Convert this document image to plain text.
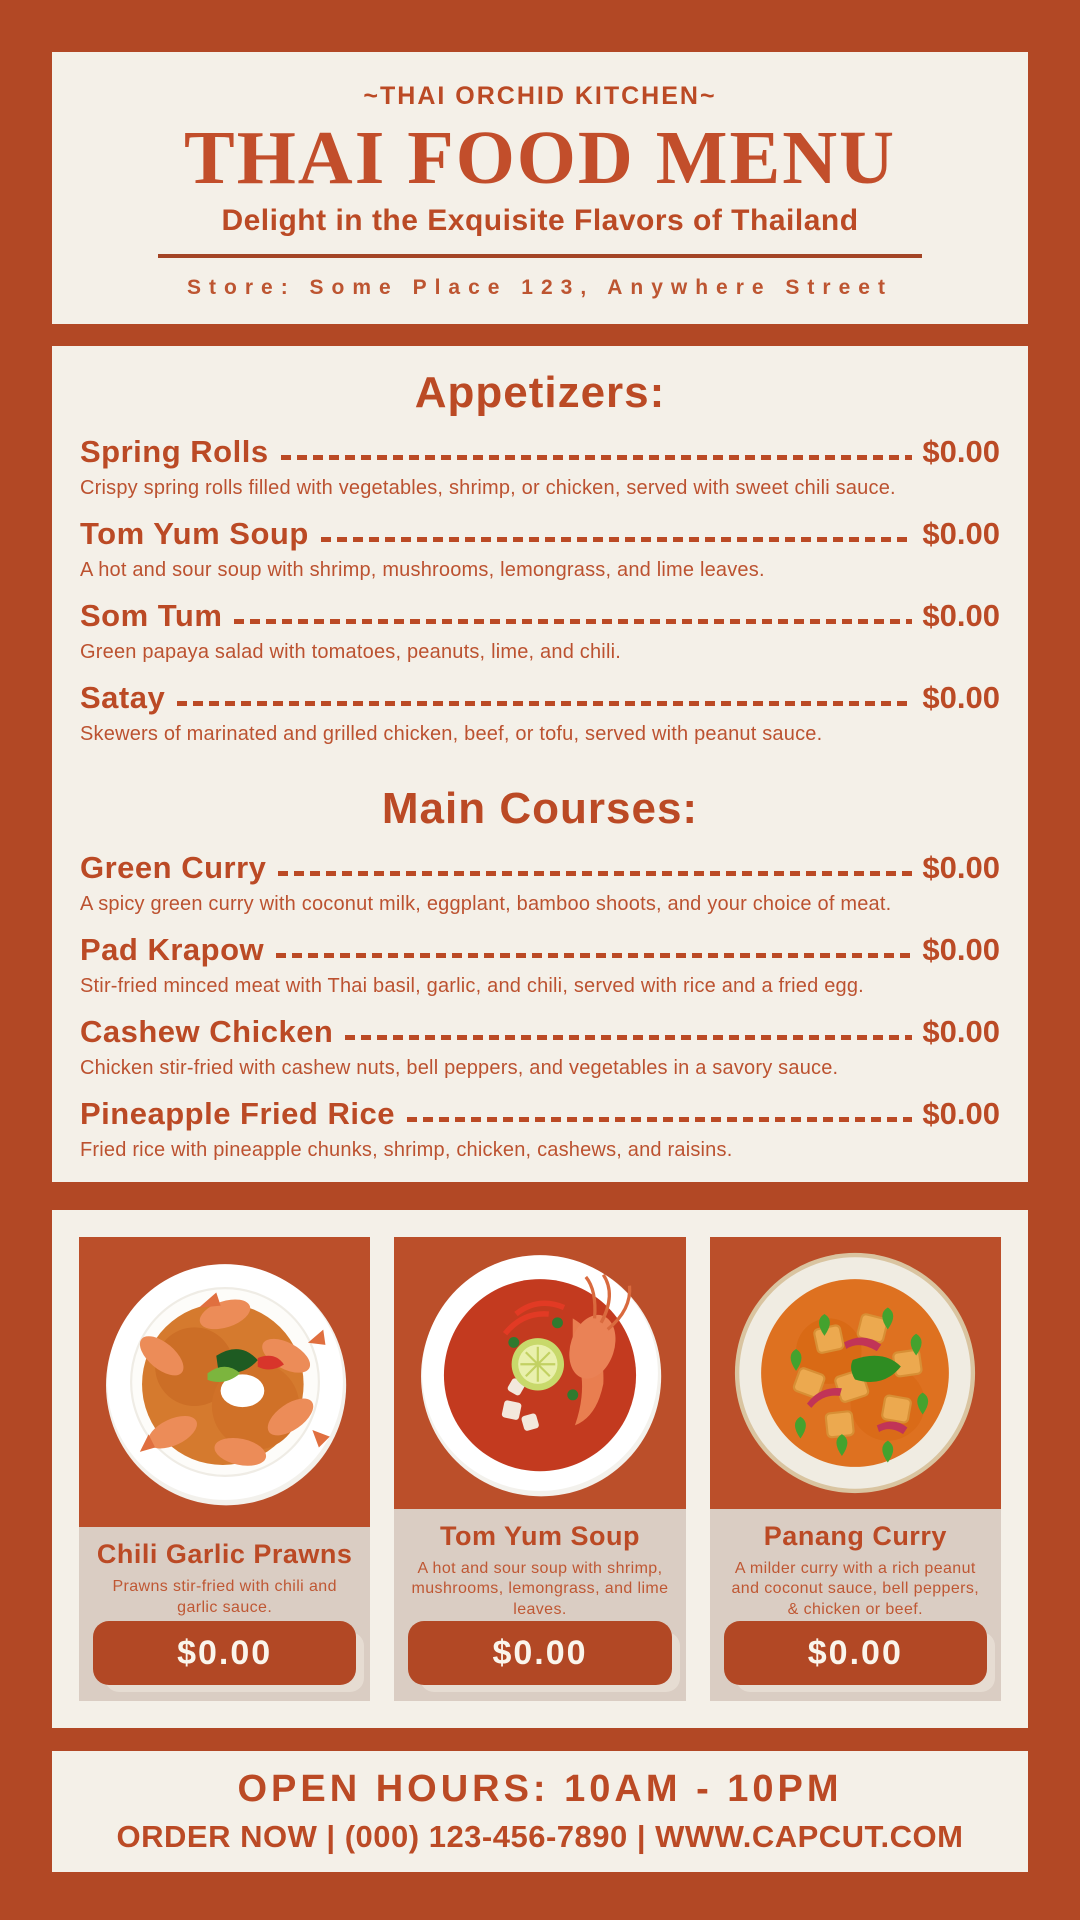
~THAI ORCHID KITCHEN~
THAI FOOD MENU
Delight in the Exquisite Flavors of Thailand
Store: Some Place 123, Anywhere Street
Appetizers:
Spring Rolls	$0.00

Crispy spring rolls filled with vegetables, shrimp, or chicken, served with sweet chili sauce.

Tom Yum Soup	$0.00

A hot and sour soup with shrimp, mushrooms, lemongrass, and lime leaves.

Som Tum	$0.00

Green papaya salad with tomatoes, peanuts, lime, and chili.

Satay	$0.00

Skewers of marinated and grilled chicken, beef, or tofu, served with peanut sauce.

Main Courses:
Green Curry	$0.00

A spicy green curry with coconut milk, eggplant, bamboo shoots, and your choice of meat.

Pad Krapow	$0.00

Stir-fried minced meat with Thai basil, garlic, and chili, served with rice and a fried egg.

Cashew Chicken	$0.00

Chicken stir-fried with cashew nuts, bell peppers, and vegetables in a savory sauce.

Pineapple Fried Rice	$0.00

Fried rice with pineapple chunks, shrimp, chicken, cashews, and raisins.

Chili Garlic Prawns
Prawns stir-fried with chili and garlic sauce.
$0.00
Tom Yum Soup
A hot and sour soup with shrimp, mushrooms, lemongrass, and lime leaves.
$0.00
Panang Curry
A milder curry with a rich peanut and coconut sauce, bell peppers, & chicken or beef.
$0.00
OPEN HOURS: 10AM - 10PM
ORDER NOW | (000) 123-456-7890 | WWW.CAPCUT.COM
